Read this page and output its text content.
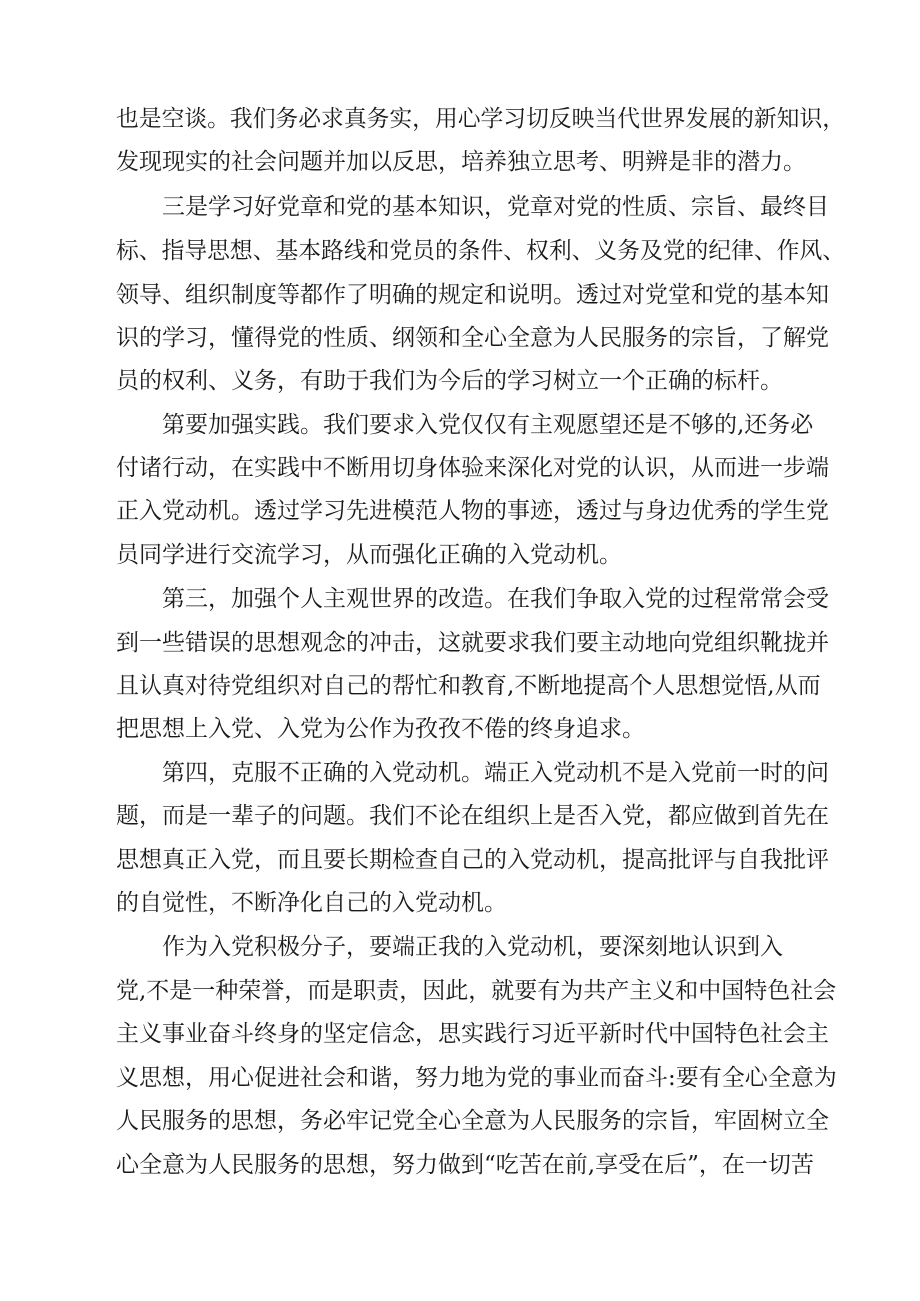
也是空谈。我们务必求真务实，用心学习切反映当代世界发展的新知识，
发现现实的社会问题并加以反思，培养独立思考、明辨是非的潜力。
三是学习好党章和党的基本知识，党章对党的性质、宗旨、最终目
标、指导思想、基本路线和党员的条件、权利、义务及党的纪律、作风、
领导、组织制度等都作了明确的规定和说明。透过对党堂和党的基本知
识的学习，懂得党的性质、纲领和全心全意为人民服务的宗旨，了解党
员的权利、义务，有助于我们为今后的学习树立一个正确的标杆。
第要加强实践。我们要求入党仅仅有主观愿望还是不够的,还务必
付诸行动，在实践中不断用切身体验来深化对党的认识，从而进一步端
正入党动机。透过学习先进模范人物的事迹，透过与身边优秀的学生党
员同学进行交流学习，从而强化正确的入党动机。
第三，加强个人主观世界的改造。在我们争取入党的过程常常会受
到一些错误的思想观念的冲击，这就要求我们要主动地向党组织靴拢并
且认真对待党组织对自己的帮忙和教育,不断地提高个人思想觉悟,从而
把思想上入党、入党为公作为孜孜不倦的终身追求。
第四，克服不正确的入党动机。端正入党动机不是入党前一时的问
题，而是一辈子的问题。我们不论在组织上是否入党，都应做到首先在
思想真正入党，而且要长期检查自己的入党动机，提高批评与自我批评
的自觉性，不断净化自己的入党动机。
作为入党积极分子，要端正我的入党动机，要深刻地认识到入
党,不是一种荣誉，而是职责，因此，就要有为共产主义和中国特色社会
主义事业奋斗终身的坚定信念，思实践行习近平新时代中国特色社会主
义思想，用心促进社会和谐，努力地为党的事业而奋斗:要有全心全意为
人民服务的思想，务必牢记党全心全意为人民服务的宗旨，牢固树立全
心全意为人民服务的思想，努力做到“吃苦在前,享受在后”，在一切苦
